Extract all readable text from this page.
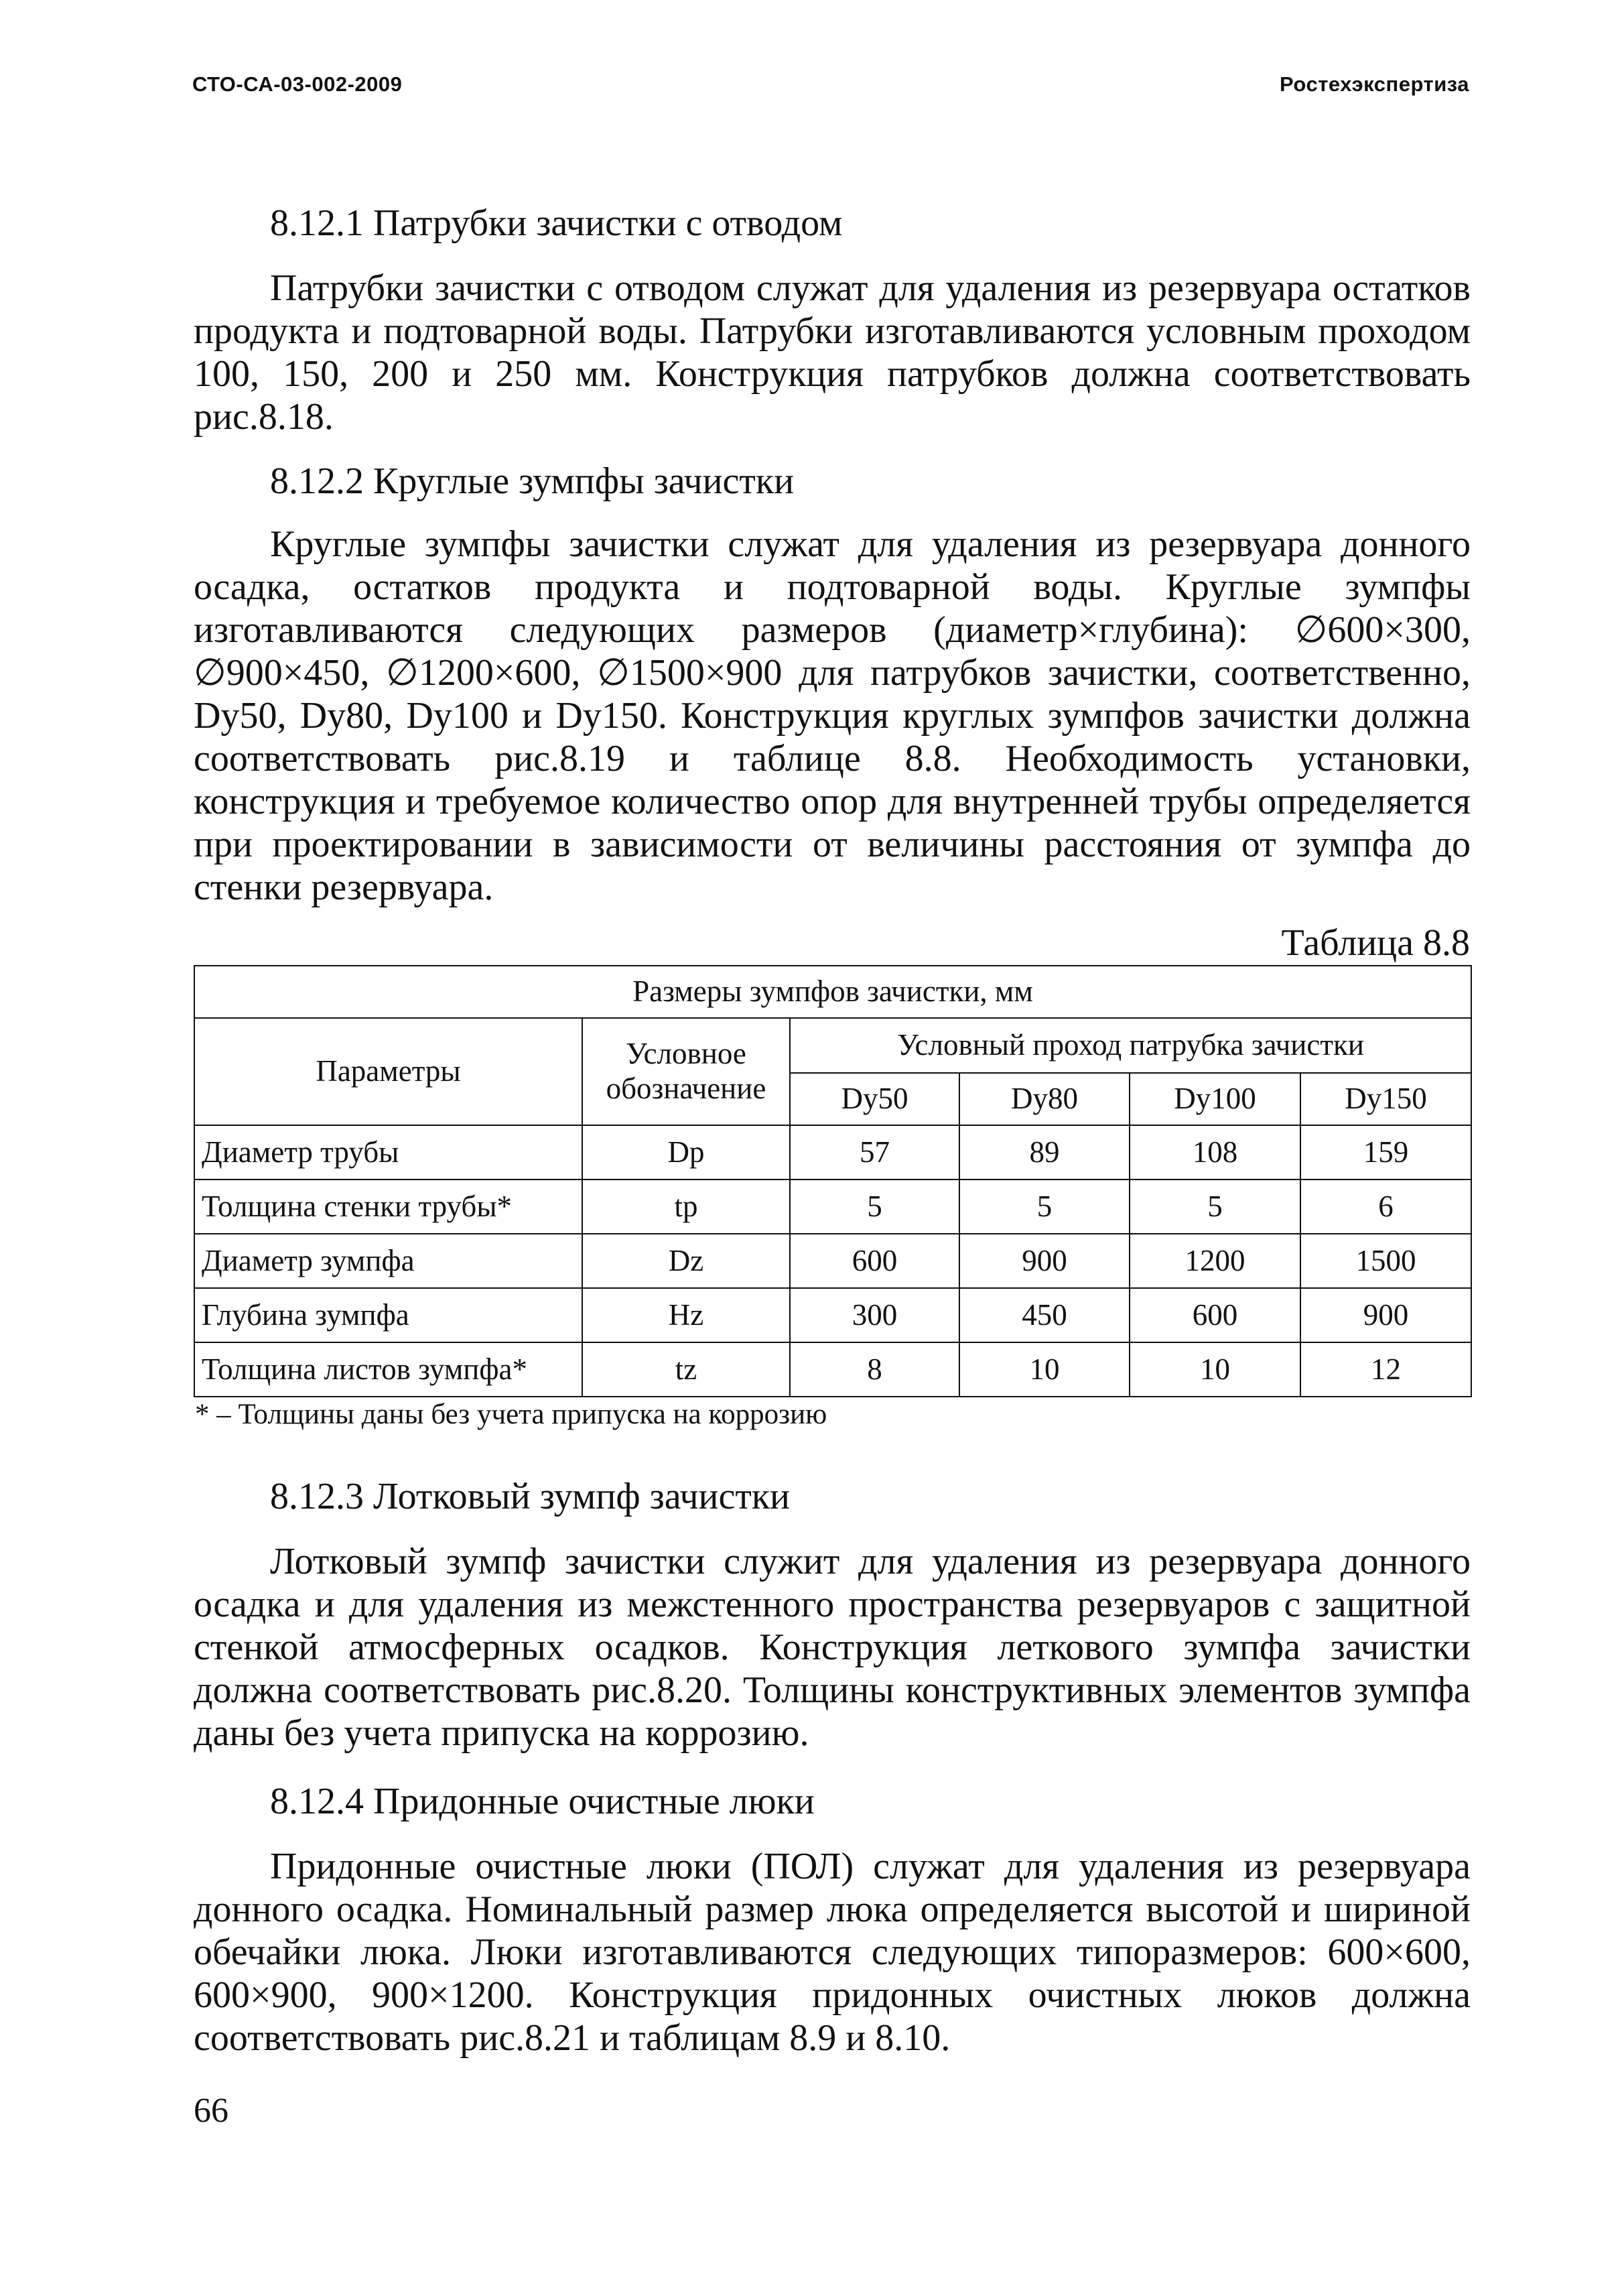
СТО-СА-03-002-2009	Ростехэкспертиза
8.12.1 Патрубки зачистки с отводом
Патрубки зачистки с отводом служат для удаления из резервуара остатков продукта и подтоварной воды. Патрубки изготавливаются условным проходом 100, 150, 200 и 250 мм. Конструкция патрубков должна соответствовать рис.8.18.
8.12.2 Круглые зумпфы зачистки
Круглые зумпфы зачистки служат для удаления из резервуара донного осадка, остатков продукта и подтоварной воды. Круглые зумпфы изготавливаются следующих размеров (диаметр×глубина): ∅600×300, ∅900×450, ∅1200×600, ∅1500×900 для патрубков зачистки, соответственно, Dу50, Dу80, Dу100 и Dу150. Конструкция круглых зумпфов зачистки должна соответствовать рис.8.19 и таблице 8.8. Необходимость установки, конструкция и требуемое количество опор для внутренней трубы определяется при проектировании в зависимости от величины расстояния от зумпфа до стенки резервуара.
Таблица 8.8
Размеры зумпфов зачистки, мм					
Параметры	Условное обозначение	Условный проход патрубка зачистки			
		Dу50	Dу80	Dу100	Dу150
Диаметр трубы	Dр	57	89	108	159
Толщина стенки трубы*	tр	5	5	5	6
Диаметр зумпфа	Dz	600	900	1200	1500
Глубина зумпфа	Hz	300	450	600	900
Толщина листов зумпфа*	tz	8	10	10	12
* – Толщины даны без учета припуска на коррозию
8.12.3 Лотковый зумпф зачистки
Лотковый зумпф зачистки служит для удаления из резервуара донного осадка и для удаления из межстенного пространства резервуаров с защитной стенкой атмосферных осадков. Конструкция леткового зумпфа зачистки должна соответствовать рис.8.20. Толщины конструктивных элементов зумпфа даны без учета припуска на коррозию.
8.12.4 Придонные очистные люки
Придонные очистные люки (ПОЛ) служат для удаления из резервуара донного осадка. Номинальный размер люка определяется высотой и шириной обечайки люка. Люки изготавливаются следующих типоразмеров: 600×600, 600×900, 900×1200. Конструкция придонных очистных люков должна соответствовать рис.8.21 и таблицам 8.9 и 8.10.
66
